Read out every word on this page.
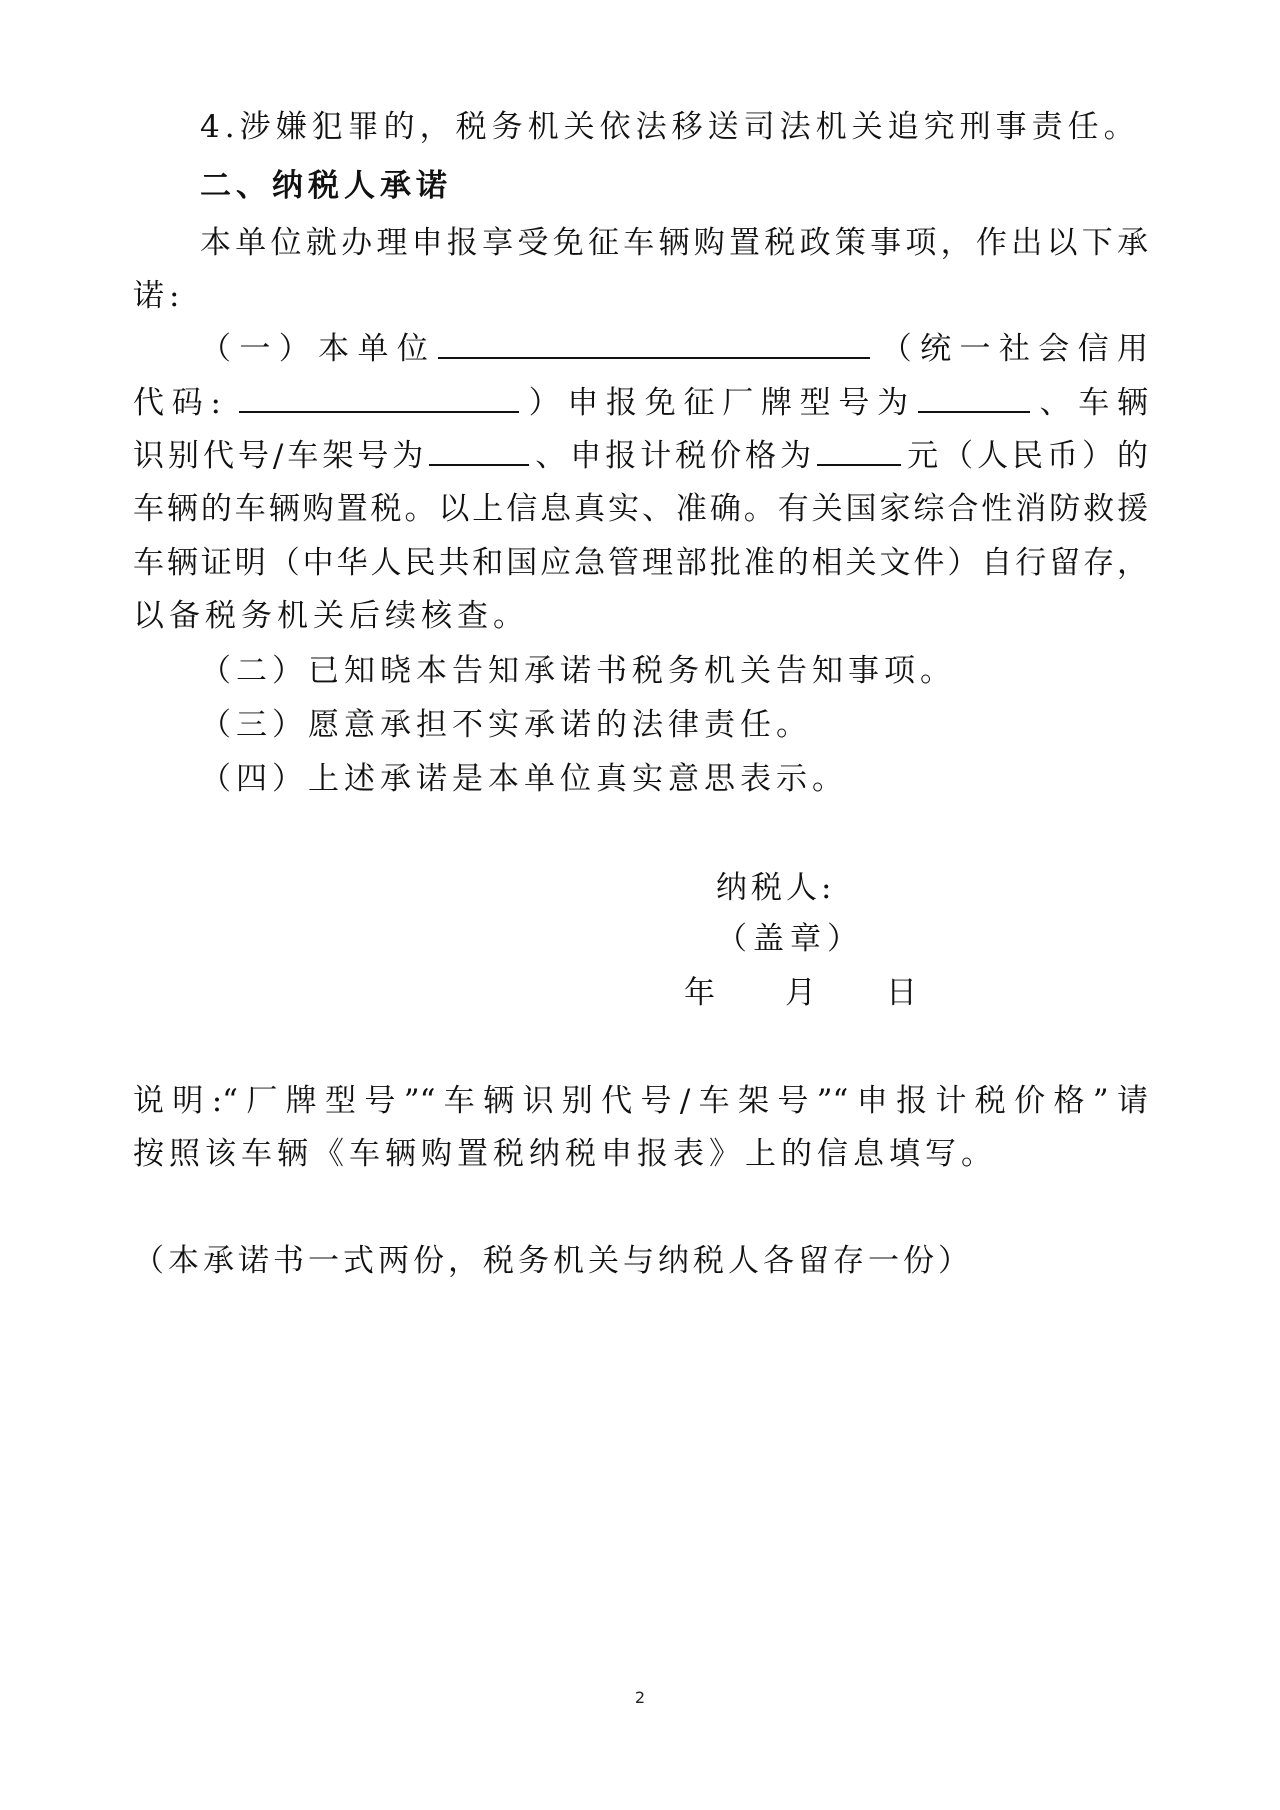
4.涉嫌犯罪的，税务机关依法移送司法机关追究刑事责任。
二、纳税人承诺
本单位就办理申报享受免征车辆购置税政策事项，作出以下承
诺:
（一）本单位	（统一社会信用
代码:	）申报免征厂牌型号为	、车辆
识别代号/车架号为	、申报计税价格为	元（人民币）的
车辆的车辆购置税。以上信息真实、准确。有关国家综合性消防救援
车辆证明（中华人民共和国应急管理部批准的相关文件）自行留存，
以备税务机关后续核查。
（二）已知晓本告知承诺书税务机关告知事项。
（三）愿意承担不实承诺的法律责任。
（四）上述承诺是本单位真实意思表示。
纳税人:
（盖章）
年 月 日
说明:“厂牌型号”“车辆识别代号/车架号”“申报计税价格”请
按照该车辆《车辆购置税纳税申报表》上的信息填写。
（本承诺书一式两份，税务机关与纳税人各留存一份）
2
